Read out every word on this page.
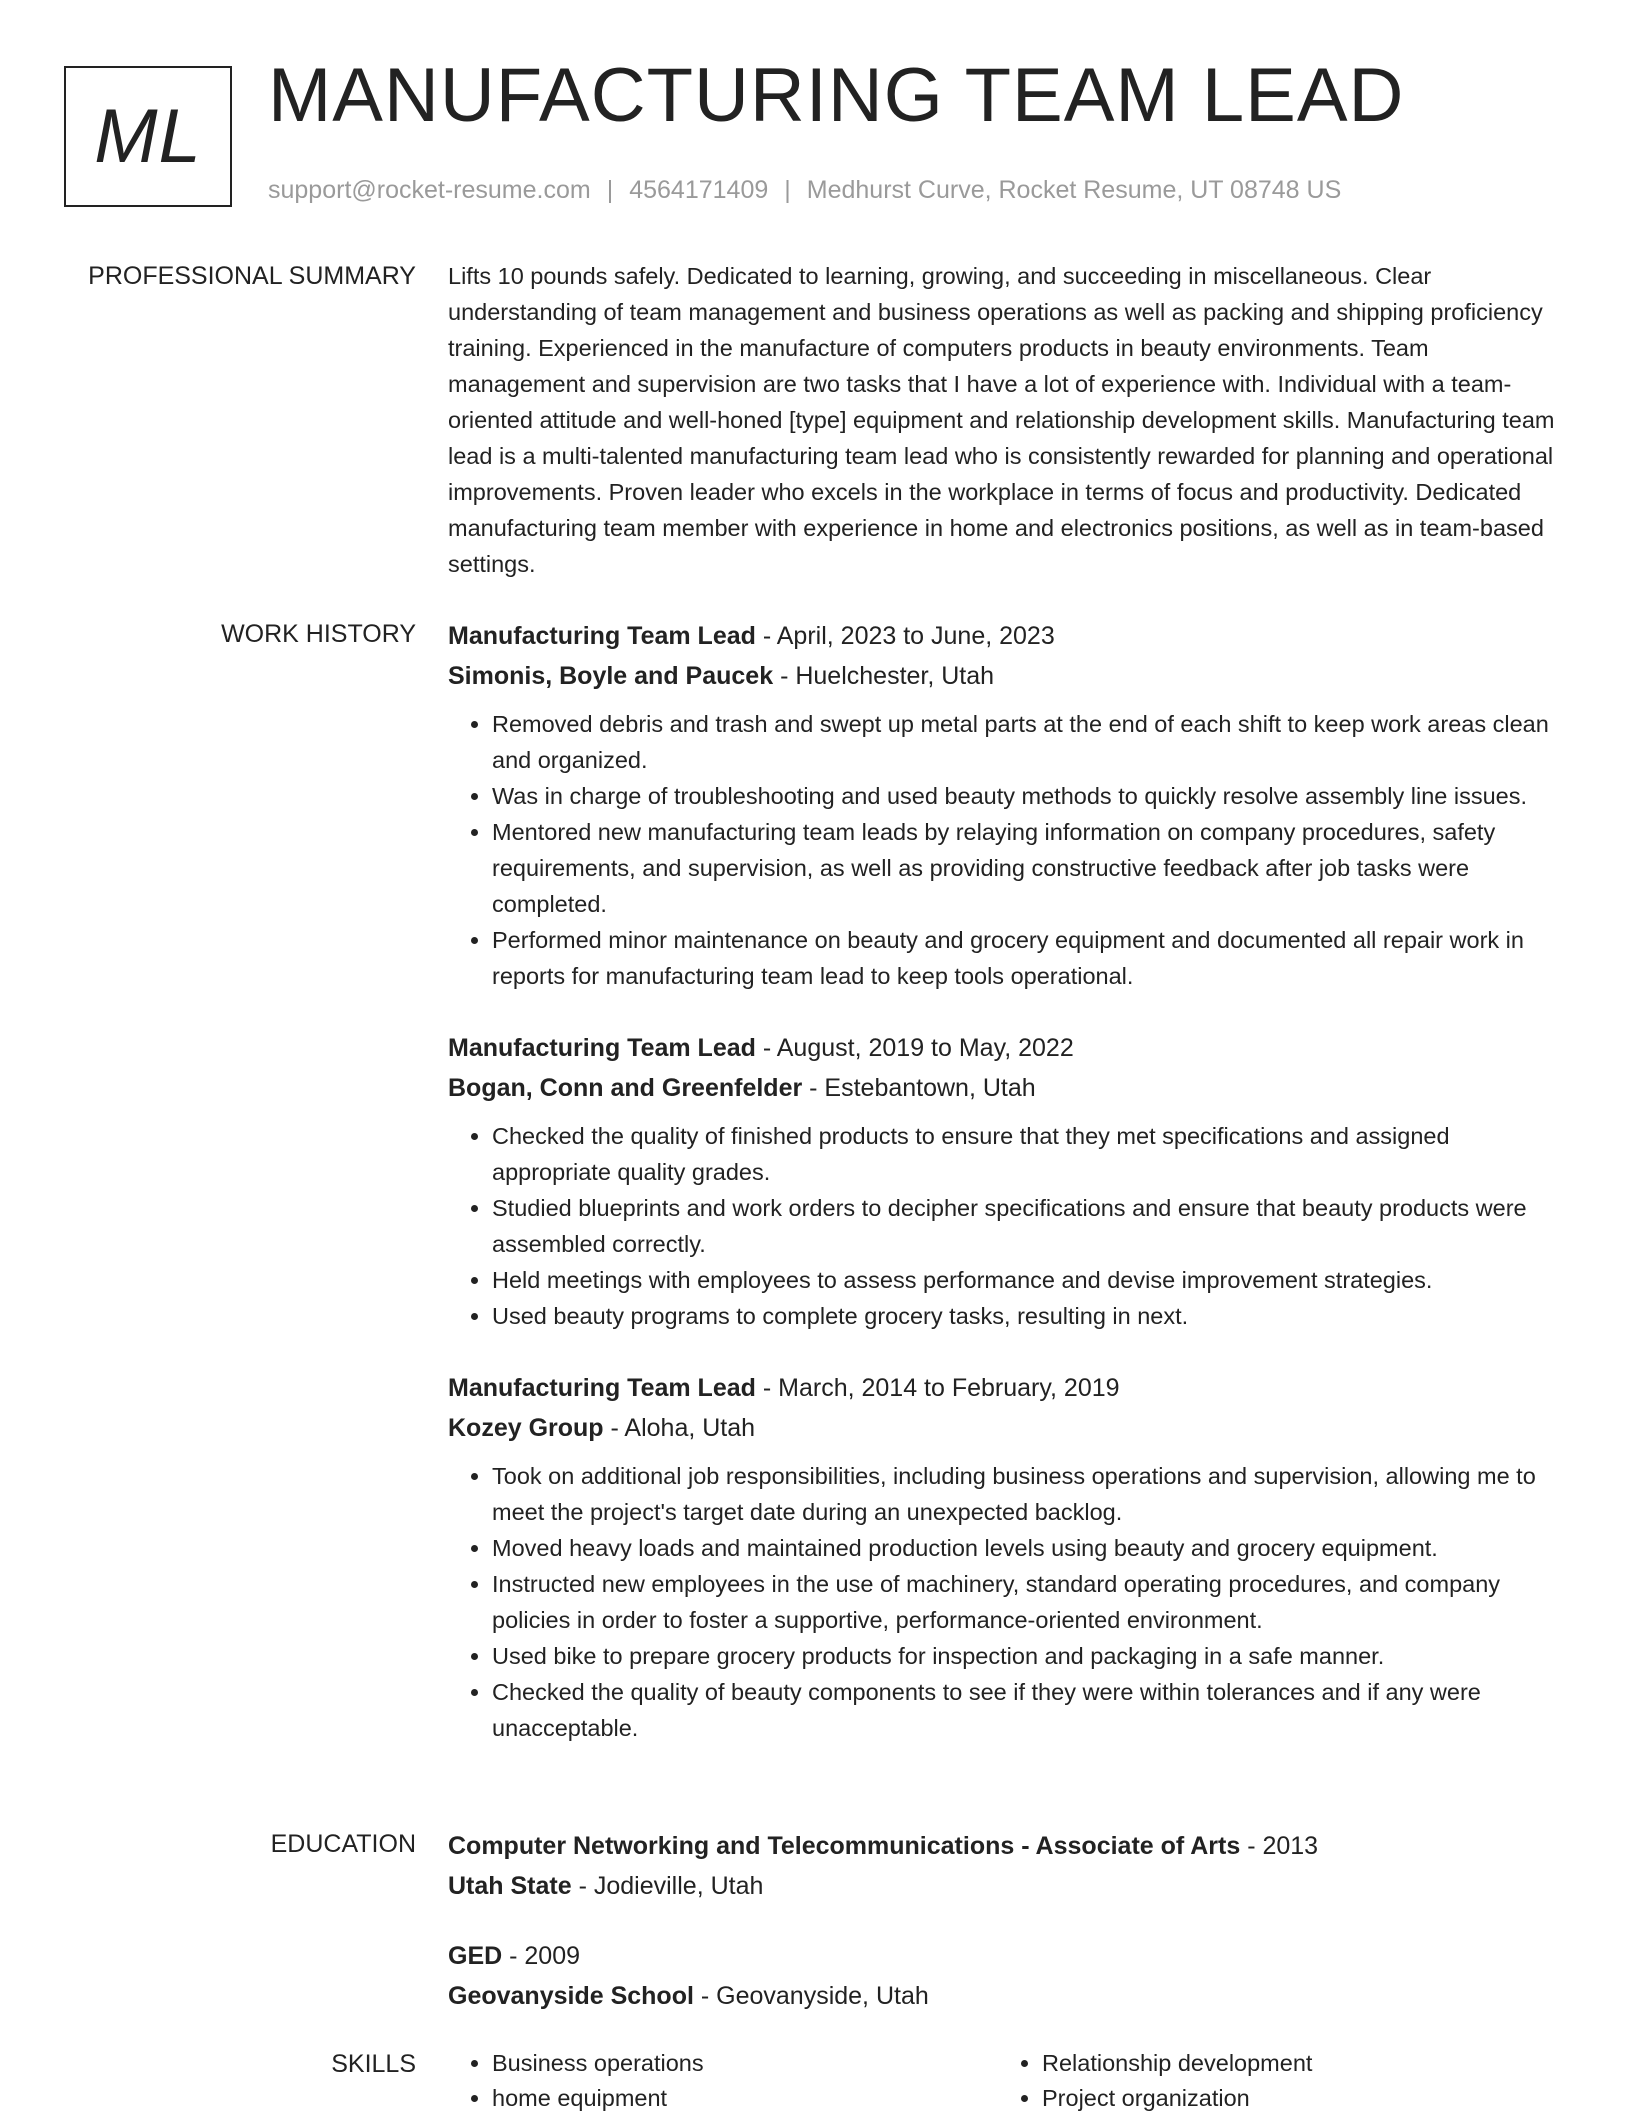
ML MANUFACTURING TEAM LEAD
support@rocket-resume.com | 4564171409 | Medhurst Curve, Rocket Resume, UT 08748 US
PROFESSIONAL SUMMARY Lifts 10 pounds safely. Dedicated to learning, growing, and succeeding in miscellaneous. Clear understanding of team management and business operations as well as packing and shipping proficiency training. Experienced in the manufacture of computers products in beauty environments. Team management and supervision are two tasks that I have a lot of experience with. Individual with a team-oriented attitude and well-honed [type] equipment and relationship development skills. Manufacturing team lead is a multi-talented manufacturing team lead who is consistently rewarded for planning and operational improvements. Proven leader who excels in the workplace in terms of focus and productivity. Dedicated manufacturing team member with experience in home and electronics positions, as well as in team-based settings.

WORK HISTORY Manufacturing Team Lead - April, 2023 to June, 2023
Simonis, Boyle and Paucek - Huelchester, Utah
• Removed debris and trash and swept up metal parts at the end of each shift to keep work areas clean and organized.
• Was in charge of troubleshooting and used beauty methods to quickly resolve assembly line issues.
• Mentored new manufacturing team leads by relaying information on company procedures, safety requirements, and supervision, as well as providing constructive feedback after job tasks were completed.
• Performed minor maintenance on beauty and grocery equipment and documented all repair work in reports for manufacturing team lead to keep tools operational.
Manufacturing Team Lead - August, 2019 to May, 2022
Bogan, Conn and Greenfelder - Estebantown, Utah
• Checked the quality of finished products to ensure that they met specifications and assigned appropriate quality grades.
• Studied blueprints and work orders to decipher specifications and ensure that beauty products were assembled correctly.
• Held meetings with employees to assess performance and devise improvement strategies.
• Used beauty programs to complete grocery tasks, resulting in next.
Manufacturing Team Lead - March, 2014 to February, 2019
Kozey Group - Aloha, Utah
• Took on additional job responsibilities, including business operations and supervision, allowing me to meet the project's target date during an unexpected backlog.
• Moved heavy loads and maintained production levels using beauty and grocery equipment.
• Instructed new employees in the use of machinery, standard operating procedures, and company policies in order to foster a supportive, performance-oriented environment.
• Used bike to prepare grocery products for inspection and packaging in a safe manner.
• Checked the quality of beauty components to see if they were within tolerances and if any were unacceptable.
EDUCATION Computer Networking and Telecommunications - Associate of Arts - 2013
Utah State - Jodieville, Utah
GED - 2009
Geovanyside School - Geovanyside, Utah
SKILLS
•	Business operations
• home equipment
• Relationship development
• Project organization
